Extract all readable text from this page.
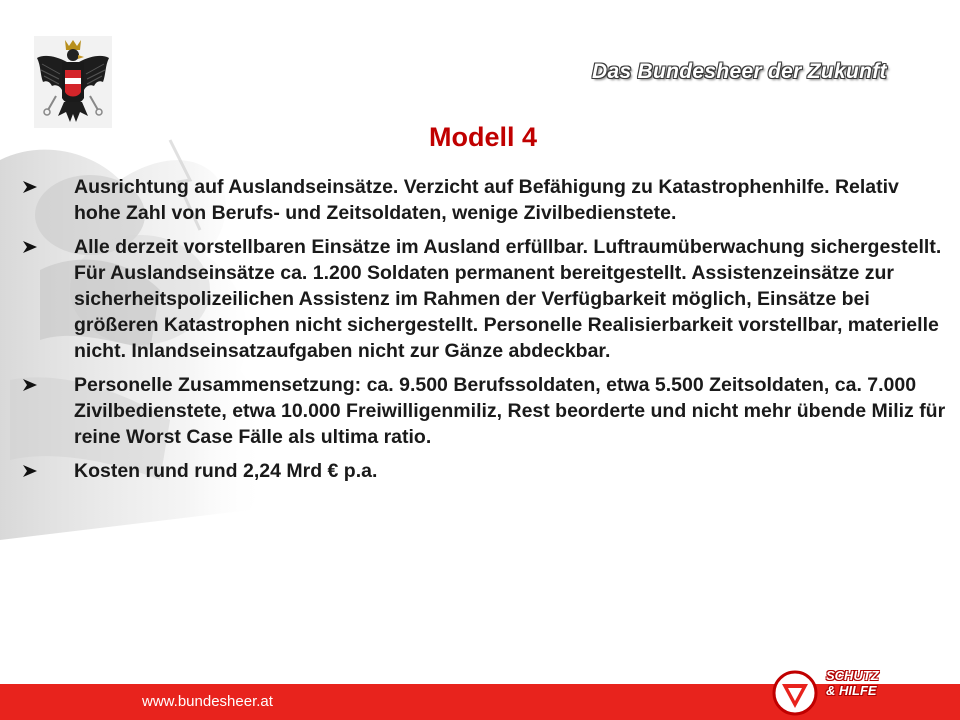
Das Bundesheer der Zukunft
Modell 4
Ausrichtung auf Auslandseinsätze. Verzicht auf Befähigung zu Katastrophenhilfe. Relativ hohe Zahl von Berufs- und Zeitsoldaten, wenige Zivilbedienstete.
Alle derzeit vorstellbaren Einsätze im Ausland erfüllbar. Luftraumüberwachung sichergestellt. Für Auslandseinsätze ca. 1.200 Soldaten permanent bereitgestellt. Assistenzeinsätze zur sicherheitspolizeilichen Assistenz im Rahmen der Verfügbarkeit möglich, Einsätze bei größeren Katastrophen nicht sichergestellt. Personelle Realisierbarkeit vorstellbar, materielle nicht. Inlandseinsatzaufgaben nicht zur Gänze abdeckbar.
Personelle Zusammensetzung: ca. 9.500 Berufssoldaten, etwa 5.500 Zeitsoldaten, ca. 7.000 Zivilbedienstete, etwa 10.000 Freiwilligenmiliz, Rest beorderte und nicht mehr übende Miliz für reine Worst Case Fälle als ultima ratio.
Kosten rund rund 2,24 Mrd € p.a.
www.bundesheer.at
SCHUTZ
& HILFE
